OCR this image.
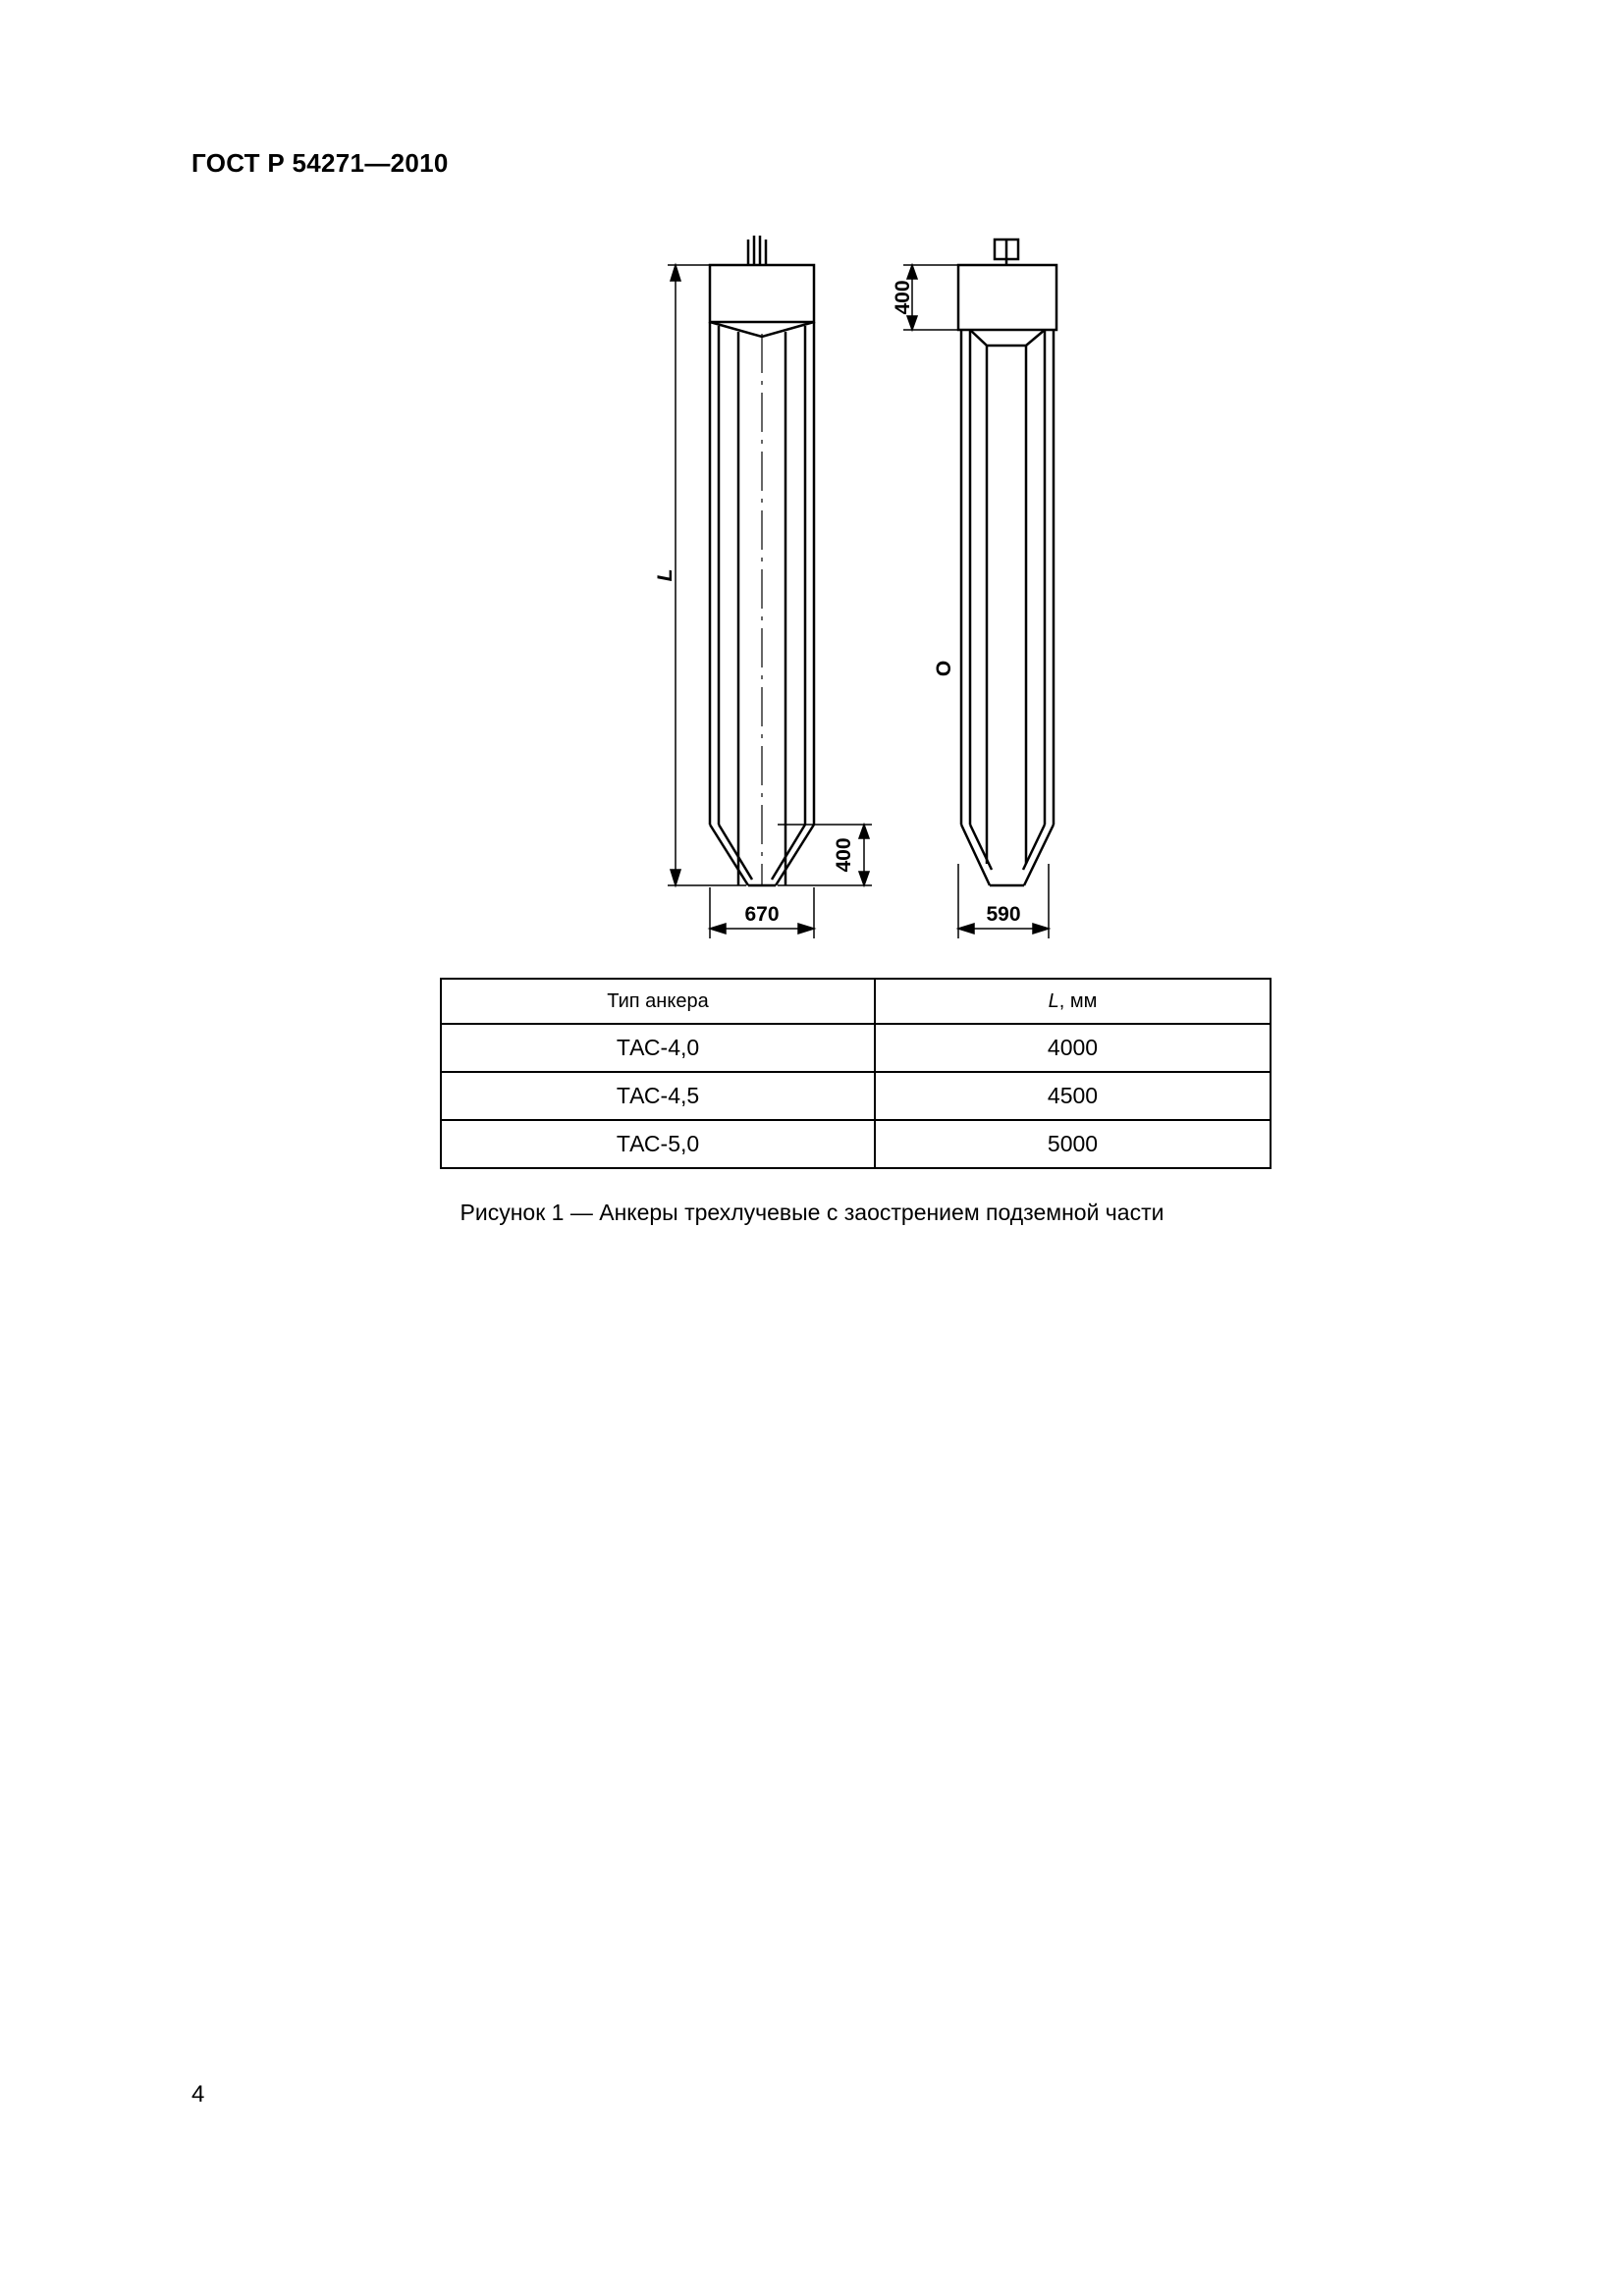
ГОСТ Р 54271—2010
L
400
670
400
590
О
Тип анкера	L, мм
ТАС-4,0	4000
ТАС-4,5	4500
ТАС-5,0	5000
Рисунок 1 — Анкеры трехлучевые с заострением подземной части
4
